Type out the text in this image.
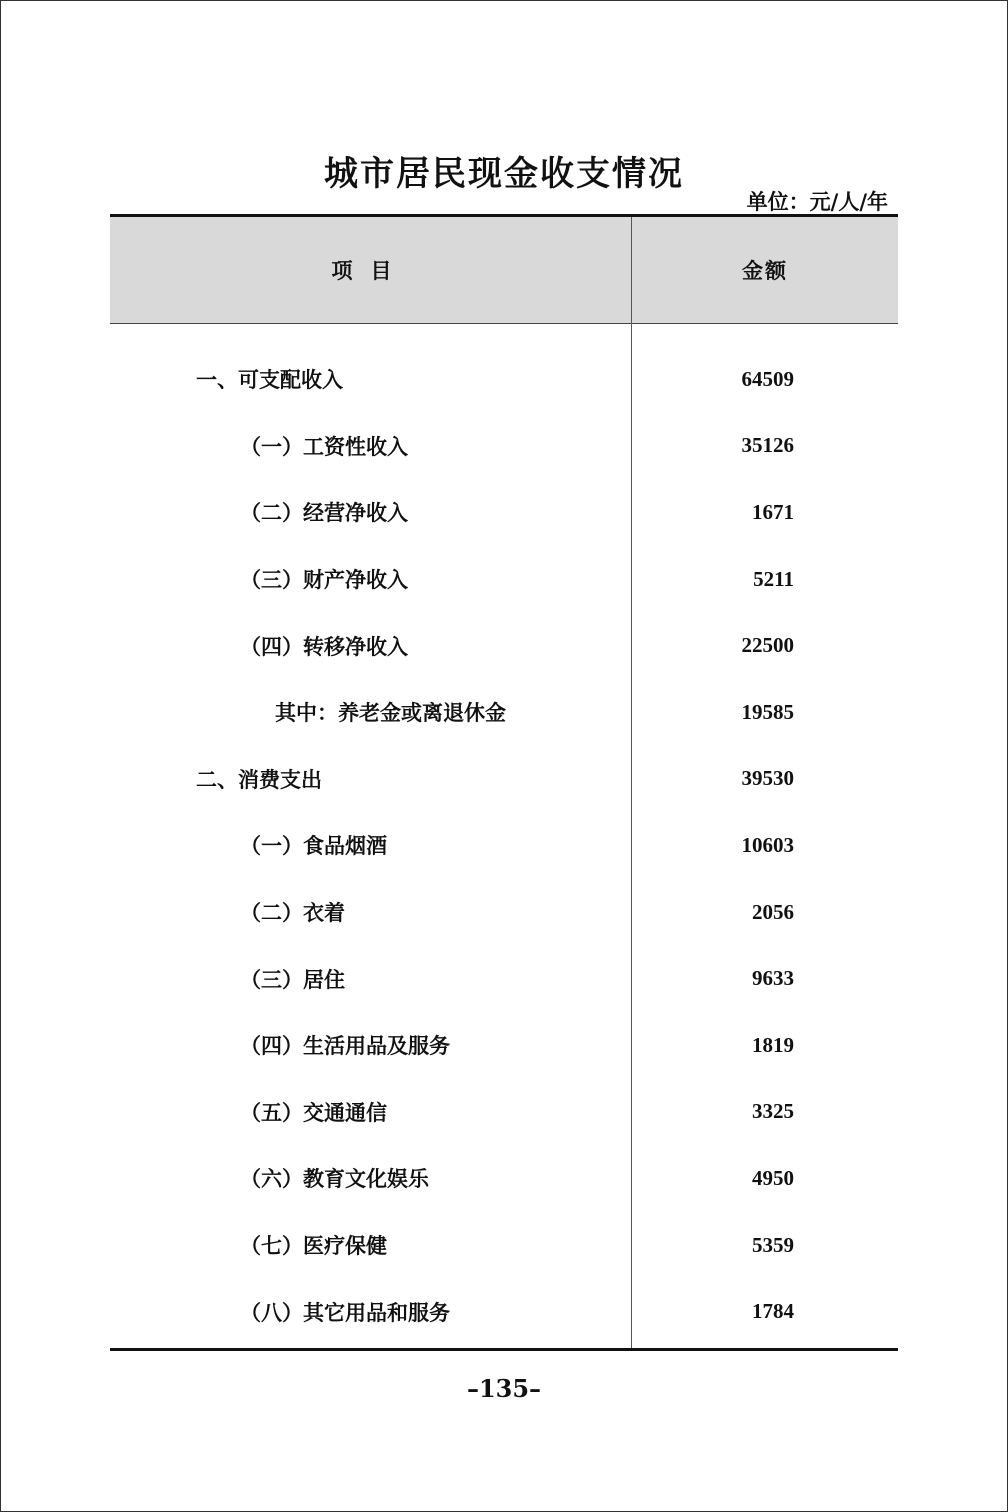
城市居民现金收支情况
单位：元/人/年
项目	金额
一、可支配收入	64509
（一）工资性收入	35126
（二）经营净收入	1671
（三）财产净收入	5211
（四）转移净收入	22500
其中：养老金或离退休金	19585
二、消费支出	39530
（一）食品烟酒	10603
（二）衣着	2056
（三）居住	9633
（四）生活用品及服务	1819
（五）交通通信	3325
（六）教育文化娱乐	4950
（七）医疗保健	5359
（八）其它用品和服务	1784
–135–
